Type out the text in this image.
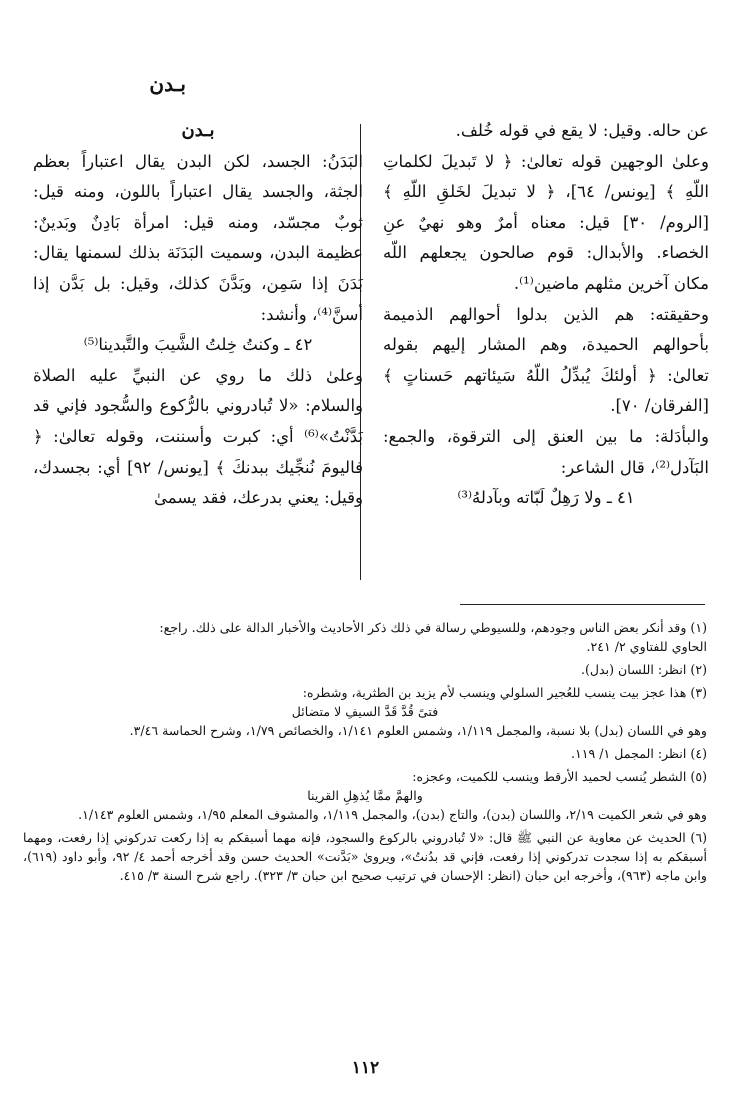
بـدن

عن حاله. وقيل: لا يقع في قوله خُلف.

وعلىٰ الوجهين قوله تعالىٰ: ﴿ لا تَبديلَ لكلماتِ اللّهِ ﴾ [يونس/ ٦٤]، ﴿ لا تبديلَ لخَلقِ اللّهِ ﴾ [الروم/ ٣٠] قيل: معناه أمرٌ وهو نهيٌ عنِ الخصاء. والأبدال: قوم صالحون يجعلهم اللّه مكان آخرين مثلهم ماضين⁽¹⁾.

وحقيقته: هم الذين بدلوا أحوالهم الذميمة بأحوالهم الحميدة، وهم المشار إليهم بقوله تعالىٰ: ﴿ أولئكَ يُبدِّلُ اللّهُ سَيئاتهم حَسناتٍ ﴾ [الفرقان/ ٧٠].

والبأدَلة: ما بين العنق إلى الترقوة، والجمع: البَآدل⁽²⁾، قال الشاعر:

٤١ ـ ولا رَهِلٌ لَبّاته وبآدلهُ⁽³⁾

بـدن

البَدَنُ: الجسد، لكن البدن يقال اعتباراً بعظم الجثة، والجسد يقال اعتباراً باللون، ومنه قيل: ثوبٌ مجسّد، ومنه قيل: امرأة بَادِنٌ وبَدينٌ: عظيمة البدن، وسميت البَدَنَة بذلك لسمنها يقال: بَدَنَ إذا سَمِن، وبَدَّنَ كذلك، وقيل: بل بَدَّن إذا أسنَّ⁽⁴⁾، وأنشد:

٤٢ ـ وكنتُ خِلتُ الشَّيبَ والتَّبدينا⁽⁵⁾

وعلىٰ ذلك ما روي عن النبيِّ عليه الصلاة والسلام: «لا تُبادروني بالرُّكوع والسُّجود فإني قد بَدَّنْتُ»⁽⁶⁾ أي: كبرت وأسننت، وقوله تعالىٰ: ﴿ فاليومَ نُنجِّيك ببدنكَ ﴾ [يونس/ ٩٢] أي: بجسدك، وقيل: يعني بدرعك، فقد يسمىٰ

(١) وقد أنكر بعض الناس وجودهم، وللسيوطي رسالة في ذلك ذكر الأحاديث والأخبار الدالة على ذلك. راجع:

الحاوي للفتاوي ٢/ ٢٤١.

(٢) انظر: اللسان (بدل).

(٣) هذا عجز بيت ينسب للعُجير السلولي وينسب لأم يزيد بن الطثرية، وشطره:

فتىً قُدَّ قَدَّ السيفِ لا متضائل

وهو في اللسان (بدل) بلا نسبة، والمجمل ١/١١٩، وشمس العلوم ١/١٤١، والخصائص ١/٧٩، وشرح الحماسة ٣/٤٦.

(٤) انظر: المجمل ١/ ١١٩.

(٥) الشطر يُنسب لحميد الأرقط وينسب للكميت، وعجزه:

والهمَّ ممَّا يُذهِلِ القرينا

وهو في شعر الكميت ٢/١٩، واللسان (بدن)، والتاج (بدن)، والمجمل ١/١١٩، والمشوف المعلم ١/٩٥، وشمس العلوم ١/١٤٣.

(٦) الحديث عن معاوية عن النبي ﷺ قال: «لا تُبادروني بالركوع والسجود، فإنه مهما أسبقكم به إذا ركعت تدركوني إذا رفعت، ومهما أسبقكم به إذا سجدت تدركوني إذا رفعت، فإني قد بدُنتُ»، ويروىٰ «بَدَّنت» الحديث حسن وقد أخرجه أحمد ٤/ ٩٢، وأبو داود (٦١٩)، وابن ماجه (٩٦٣)، وأخرجه ابن حبان (انظر: الإحسان في ترتيب صحيح ابن حبان ٣/ ٣٢٣). راجع شرح السنة ٣/ ٤١٥.

١١٢
